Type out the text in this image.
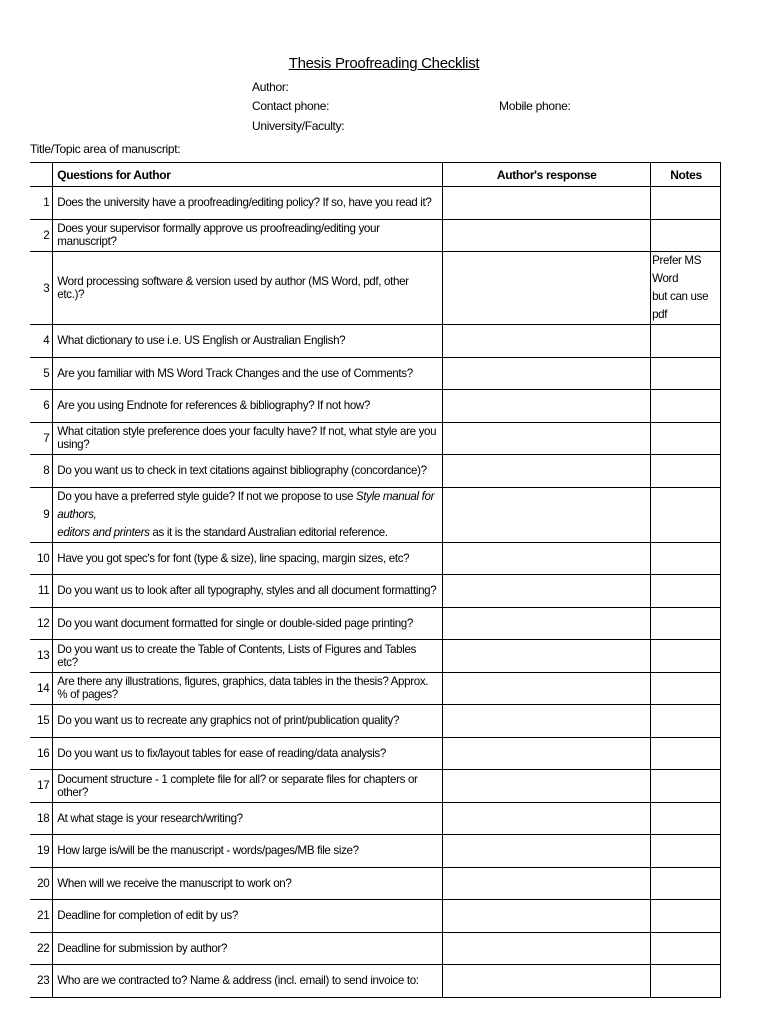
Thesis Proofreading Checklist
Author:
Contact phone:	Mobile phone:
University/Faculty:
Title/Topic area of manuscript:
	Questions for Author	Author's response	Notes
1	Does the university have a proofreading/editing policy? If so, have you read it?		
2	Does your supervisor formally approve us proofreading/editing your manuscript?		
3	Word processing software & version used by author (MS Word, pdf, other etc.)?		Prefer MS Word
but can use pdf

4	What dictionary to use i.e. US English or Australian English?		
5	Are you familiar with MS Word Track Changes and the use of Comments?		
6	Are you using Endnote for references & bibliography? If not how?		
7	What citation style preference does your faculty have? If not, what style are you using?		
8	Do you want us to check in text citations against bibliography (concordance)?		
9	Do you have a preferred style guide? If not we propose to use Style manual for authors,
editors and printers as it is the standard Australian editorial reference.		

10	Have you got spec's for font (type & size), line spacing, margin sizes, etc?		
11	Do you want us to look after all typography, styles and all document formatting?		
12	Do you want document formatted for single or double-sided page printing?		
13	Do you want us to create the Table of Contents, Lists of Figures and Tables etc?		
14	Are there any illustrations, figures, graphics, data tables in the thesis? Approx. % of pages?		
15	Do you want us to recreate any graphics not of print/publication quality?		
16	Do you want us to fix/layout tables for ease of reading/data analysis?		
17	Document structure - 1 complete file for all? or separate files for chapters or other?		
18	At what stage is your research/writing?		
19	How large is/will be the manuscript - words/pages/MB file size?		
20	When will we receive the manuscript to work on?		
21	Deadline for completion of edit by us?		
22	Deadline for submission by author?		
23	Who are we contracted to? Name & address (incl. email) to send invoice to:		
